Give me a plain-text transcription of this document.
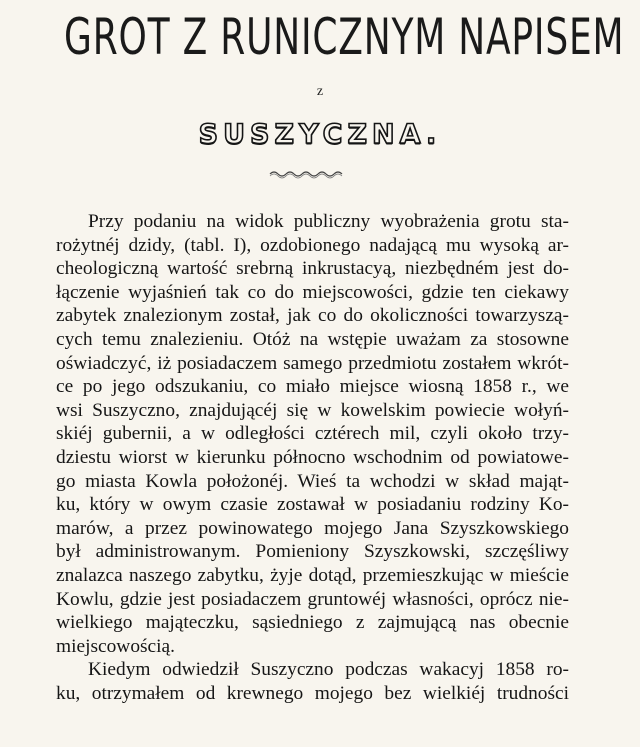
GROT Z RUNICZNYM NAPISEM
z
SUSZYCZNA.
Przy podaniu na widok publiczny wyobrażenia grotu sta-
rożytnéj dzidy, (tabl. I), ozdobionego nadającą mu wysoką ar-
cheologiczną wartość srebrną inkrustacyą, niezbędném jest do-
łączenie wyjaśnień tak co do miejscowości, gdzie ten ciekawy
zabytek znalezionym został, jak co do okoliczności towarzyszą-
cych temu znalezieniu. Otóż na wstępie uważam za stosowne
oświadczyć, iż posiadaczem samego przedmiotu zostałem wkrót-
ce po jego odszukaniu, co miało miejsce wiosną 1858 r., we
wsi Suszyczno, znajdującéj się w kowelskim powiecie wołyń-
skiéj gubernii, a w odległości cztérech mil, czyli około trzy-
dziestu wiorst w kierunku północno wschodnim od powiatowe-
go miasta Kowla położonéj. Wieś ta wchodzi w skład mająt-
ku, który w owym czasie zostawał w posiadaniu rodziny Ko-
marów, a przez powinowatego mojego Jana Szyszkowskiego
był administrowanym. Pomieniony Szyszkowski, szczęśliwy
znalazca naszego zabytku, żyje dotąd, przemieszkując w mieście
Kowlu, gdzie jest posiadaczem gruntowéj własności, oprócz nie-
wielkiego mająteczku, sąsiedniego z zajmującą nas obecnie
miejscowością.
Kiedym odwiedził Suszyczno podczas wakacyj 1858 ro-
ku, otrzymałem od krewnego mojego bez wielkiéj trudności
